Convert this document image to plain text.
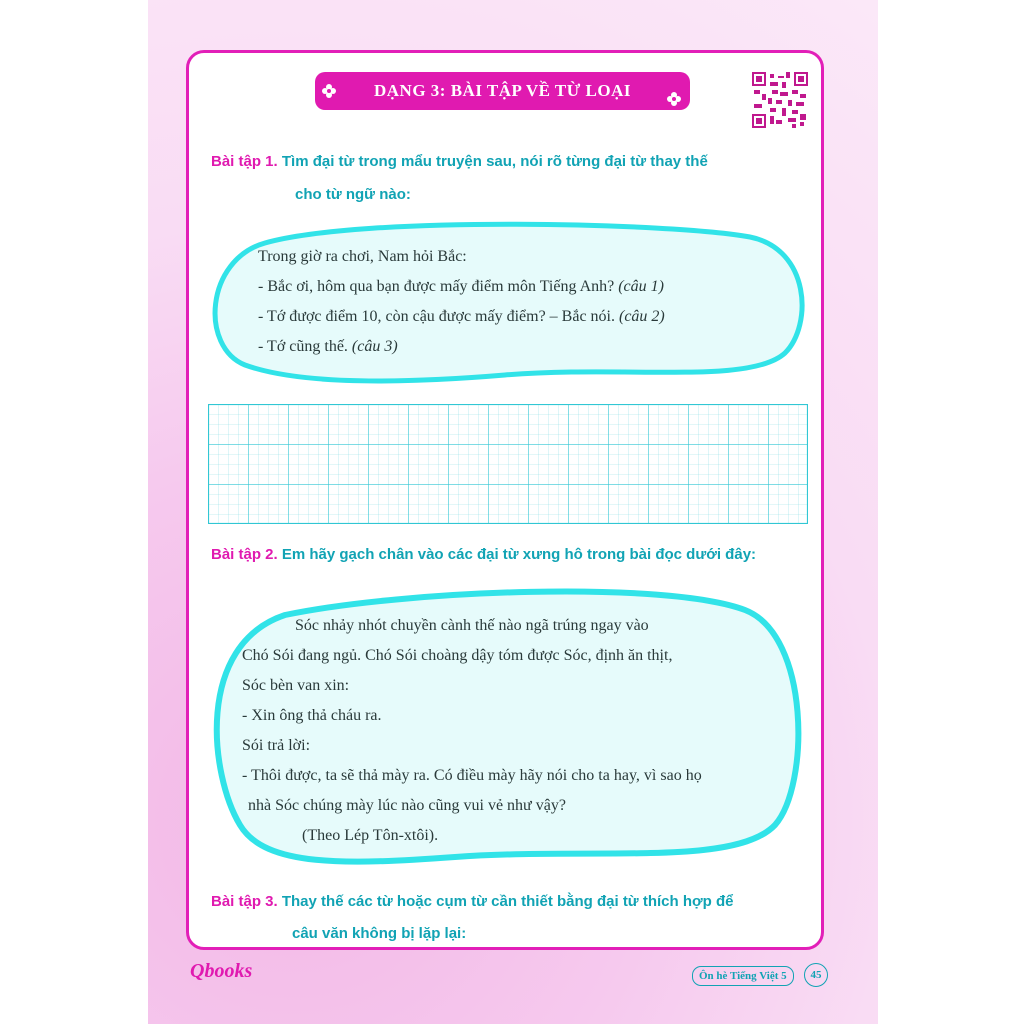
DẠNG 3: BÀI TẬP VỀ TỪ LOẠI
Bài tập 1. Tìm đại từ trong mẩu truyện sau, nói rõ từng đại từ thay thế
cho từ ngữ nào:
Trong giờ ra chơi, Nam hỏi Bắc:
- Bắc ơi, hôm qua bạn được mấy điểm môn Tiếng Anh? (câu 1)
- Tớ được điểm 10, còn cậu được mấy điểm? – Bắc nói. (câu 2)
- Tớ cũng thế. (câu 3)
Bài tập 2. Em hãy gạch chân vào các đại từ xưng hô trong bài đọc dưới đây:
Sóc nhảy nhót chuyền cành thế nào ngã trúng ngay vào
Chó Sói đang ngủ. Chó Sói choàng dậy tóm được Sóc, định ăn thịt,
Sóc bèn van xin:
- Xin ông thả cháu ra.
Sói trả lời:
- Thôi được, ta sẽ thả mày ra. Có điều mày hãy nói cho ta hay, vì sao họ
nhà Sóc chúng mày lúc nào cũng vui vẻ như vậy?
(Theo Lép Tôn-xtôi).
Bài tập 3. Thay thế các từ hoặc cụm từ cần thiết bằng đại từ thích hợp để
câu văn không bị lặp lại:
Qbooks	Ôn hè Tiếng Việt 5	45
